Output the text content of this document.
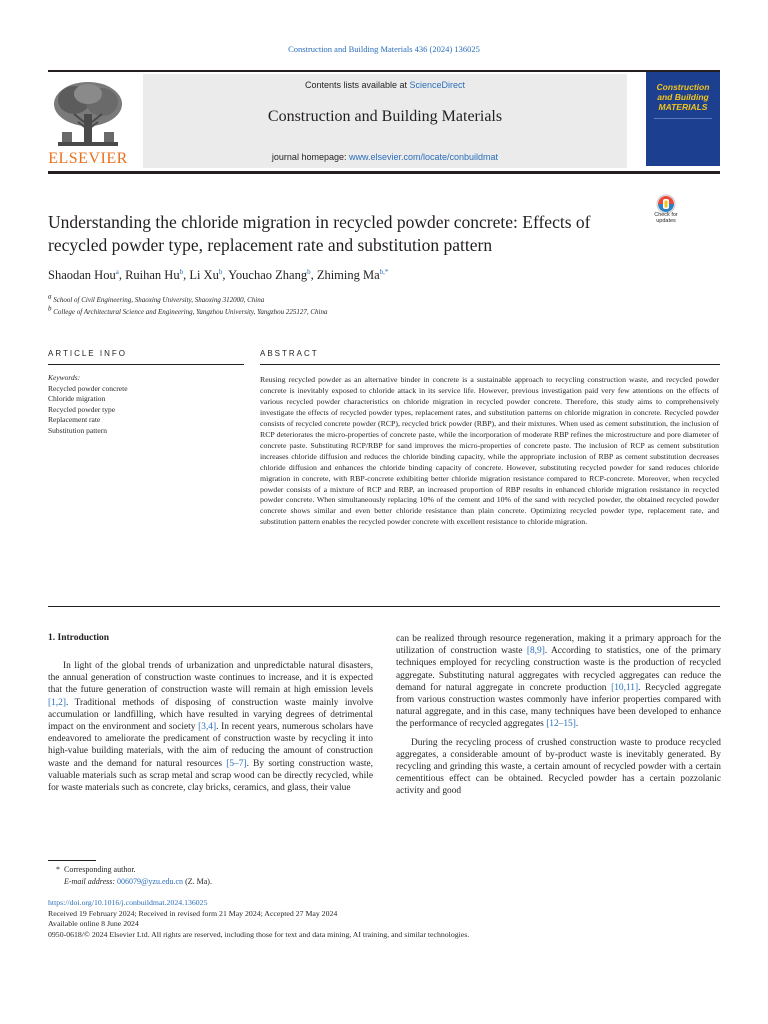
Construction and Building Materials 436 (2024) 136025
ELSEVIER
Contents lists available at ScienceDirect
Construction and Building Materials
journal homepage: www.elsevier.com/locate/conbuildmat
Construction
and Building
MATERIALS
Check for
updates
Understanding the chloride migration in recycled powder concrete: Effects of recycled powder type, replacement rate and substitution pattern
Shaodan Hou$^a$, Ruihan Hu$^b$, Li Xu$^b$, Youchao Zhang$^b$, Zhiming $Ma^{b,*}$
$^a$ School of Civil Engineering, Shaoxing University, Shaoxing 312000, China
$^b$ College of Architectural Science and Engineering, Yangzhou University, Yangzhou 225127, China
ARTICLE INFO	ABSTRACT
Keywords:
Recycled powder concrete
Chloride migration
Recycled powder type
Replacement rate
Substitution pattern
Reusing recycled powder as an alternative binder in concrete is a sustainable approach to recycling construction waste, and recycled powder concrete is inevitably exposed to chloride attack in its service life. However, previous investigation paid very few attentions on the effects of various recycled powder characteristics on chloride migration in recycled powder concrete. Therefore, this study aims to comprehensively investigate the effects of recycled powder types, replacement rates, and substitution patterns on chloride migration in concrete. Recycled powder consists of recycled concrete powder (RCP), recycled brick powder (RBP), and their mixtures. When used as cement substitution, the inclusion of RCP deteriorates the micro-properties of concrete paste, while the incorporation of moderate RBP refines the microstructure and pore diameter of concrete paste. Substituting RCP/RBP for sand improves the micro-properties of concrete paste. The inclusion of RCP as cement substitution increases chloride diffusion and reduces the chloride binding capacity, while the appropriate inclusion of RBP as cement substitution decreases chloride diffusion and enhances the chloride binding capacity of concrete. However, substituting recycled powder for sand reduces chloride migration in concrete, with RBP-concrete exhibiting better chloride migration resistance compared to RCP-concrete. Moreover, when recycled powder consists of a mixture of RCP and RBP, an increased proportion of RBP results in enhanced chloride migration resistance in recycled powder concrete. When simultaneously replacing 10% of the cement and 10% of the sand with recycled powder, the obtained recycled powder concrete shows similar and even better chloride resistance than plain concrete. Optimizing recycled powder type, replacement rate, and substitution pattern enables the recycled powder concrete with excellent resistance to chloride migration.
1. Introduction

In light of the global trends of urbanization and unpredictable natural disasters, the annual generation of construction waste continues to increase, and it is expected that the future generation of construction waste will remain at high emission levels [1,2]. Traditional methods of disposing of construction waste mainly involve accumulation or landfilling, which have resulted in varying degrees of detrimental impact on the environment and society [3,4]. In recent years, numerous scholars have endeavored to ameliorate the predicament of construction waste by recycling it into high-value building materials, with the aim of reducing the amount of construction waste and the demand for natural resources [5–7]. By sorting construction waste, valuable materials such as scrap metal and scrap wood can be directly recycled, while for waste materials such as concrete, clay bricks, ceramics, and glass, their value

can be realized through resource regeneration, making it a primary approach for the utilization of construction waste [8,9]. According to statistics, one of the primary techniques employed for recycling construction waste is the production of recycled aggregate. Substituting natural aggregates with recycled aggregates can reduce the demand for natural aggregate in concrete production [10,11]. Recycled aggregate from various construction wastes commonly have inferior properties compared with natural aggregate, and in this case, many techniques have been developed to enhance the performance of recycled aggregates [12–15].

During the recycling process of crushed construction waste to produce recycled aggregates, a considerable amount of by-product waste is inevitably generated. By recycling and grinding this waste, a certain amount of recycled powder with a certain cementitious effect can be obtained. Recycled powder has a certain pozzolanic activity and good

* Corresponding author.
E-mail address: 006079@yzu.edu.cn (Z. Ma).
https://doi.org/10.1016/j.conbuildmat.2024.136025
Received 19 February 2024; Received in revised form 21 May 2024; Accepted 27 May 2024
Available online 8 June 2024
0950-0618/© 2024 Elsevier Ltd. All rights are reserved, including those for text and data mining, AI training, and similar technologies.
